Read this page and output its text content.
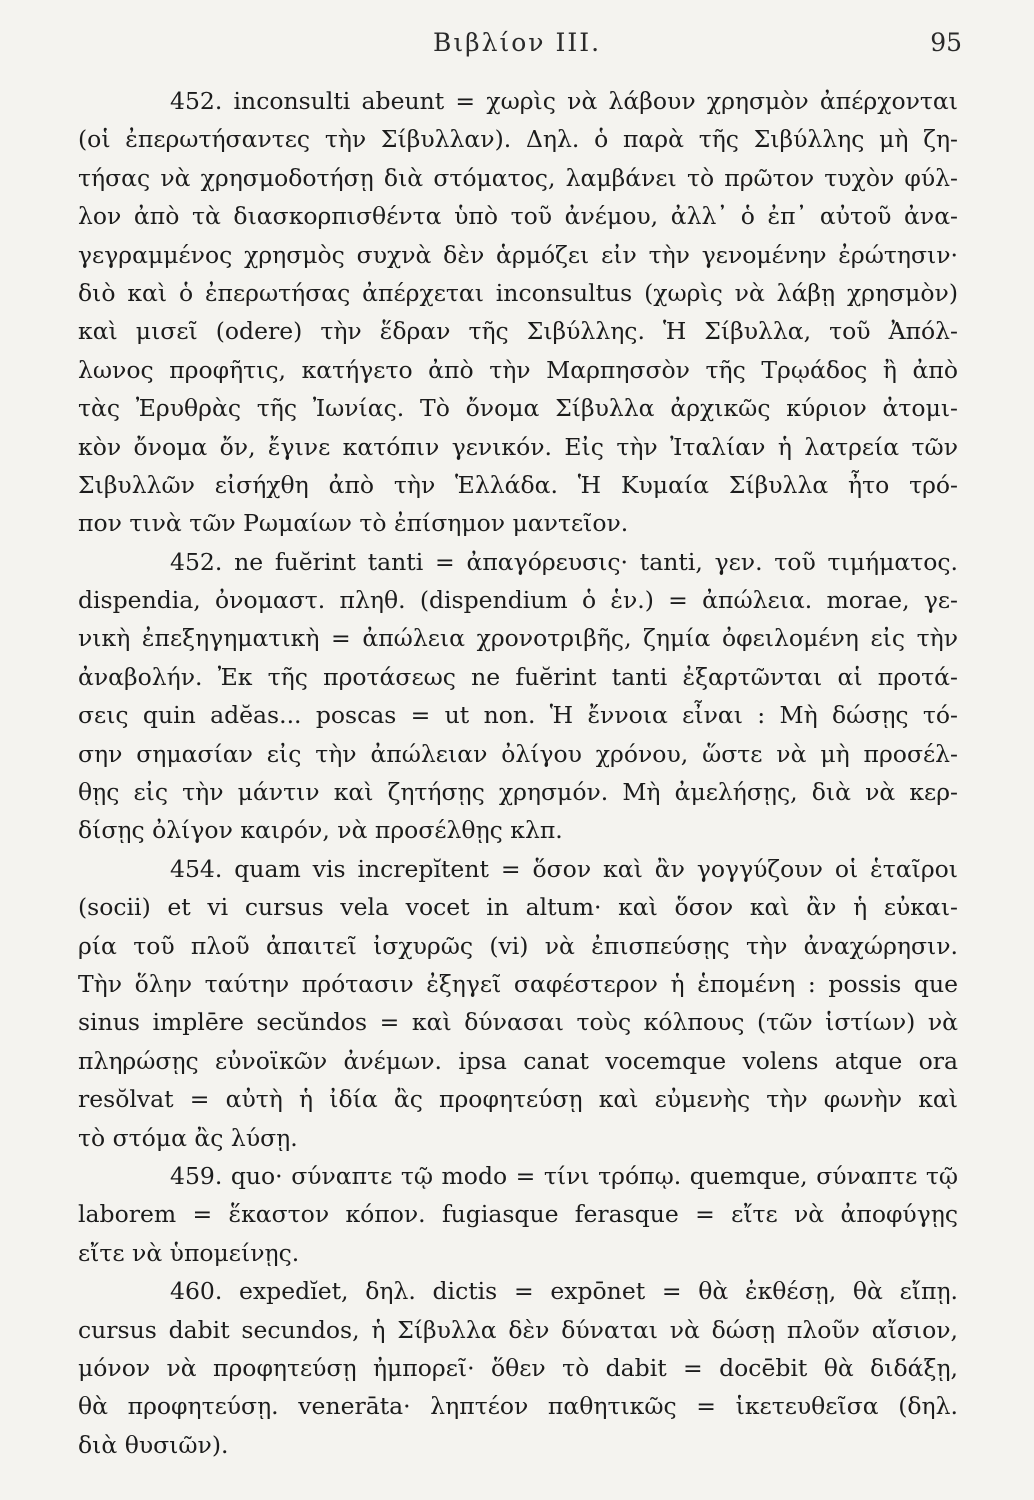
Βιβλίον III.	95
452. inconsulti abeunt = χωρὶς νὰ λάβουν χρησμὸν ἀπέρχονται
(οἱ ἐπερωτήσαντες τὴν Σίβυλλαν). Δηλ. ὁ παρὰ τῆς Σιβύλλης μὴ ζη-
τήσας νὰ χρησμοδοτήσῃ διὰ στόματος, λαμβάνει τὸ πρῶτον τυχὸν φύλ-
λον ἀπὸ τὰ διασκορπισθέντα ὑπὸ τοῦ ἀνέμου, ἀλλ᾽ ὁ ἐπ᾽ αὐτοῦ ἀνα-
γεγραμμένος χρησμὸς συχνὰ δὲν ἁρμόζει εἰν τὴν γενομένην ἐρώτησιν·
διὸ καὶ ὁ ἐπερωτήσας ἀπέρχεται inconsultus (χωρὶς νὰ λάβῃ χρησμὸν)
καὶ μισεῖ (odere) τὴν ἕδραν τῆς Σιβύλλης. Ἡ Σίβυλλα, τοῦ Ἀπόλ-
λωνος προφῆτις, κατήγετο ἀπὸ τὴν Μαρπησσὸν τῆς Τρῳάδος ἢ ἀπὸ
τὰς Ἐρυθρὰς τῆς Ἰωνίας. Τὸ ὄνομα Σίβυλλα ἀρχικῶς κύριον ἀτομι-
κὸν ὄνομα ὄν, ἔγινε κατόπιν γενικόν. Εἰς τὴν Ἰταλίαν ἡ λατρεία τῶν
Σιβυλλῶν εἰσήχθη ἀπὸ τὴν Ἑλλάδα. Ἡ Κυμαία Σίβυλλα ἦτο τρό-
πον τινὰ τῶν Ρωμαίων τὸ ἐπίσημον μαντεῖον.
452. ne fuĕrint tanti = ἀπαγόρευσις· tanti, γεν. τοῦ τιμήματος.
dispendia, ὀνομαστ. πληθ. (dispendium ὁ ἑν.) = ἀπώλεια. morae, γε-
νικὴ ἐπεξηγηματικὴ = ἀπώλεια χρονοτριβῆς, ζημία ὀφειλομένη εἰς τὴν
ἀναβολήν. Ἐκ τῆς προτάσεως ne fuĕrint tanti ἐξαρτῶνται αἱ προτά-
σεις quin adĕas... poscas = ut non. Ἡ ἔννοια εἶναι : Μὴ δώσῃς τό-
σην σημασίαν εἰς τὴν ἀπώλειαν ὀλίγου χρόνου, ὥστε νὰ μὴ προσέλ-
θῃς εἰς τὴν μάντιν καὶ ζητήσῃς χρησμόν. Μὴ ἀμελήσῃς, διὰ νὰ κερ-
δίσῃς ὀλίγον καιρόν, νὰ προσέλθῃς κλπ.
454. quam vis increpĭtent = ὅσον καὶ ἂν γογγύζουν οἱ ἑταῖροι
(socii) et vi cursus vela vocet in altum· καὶ ὅσον καὶ ἂν ἡ εὐκαι-
ρία τοῦ πλοῦ ἀπαιτεῖ ἰσχυρῶς (vi) νὰ ἐπισπεύσῃς τὴν ἀναχώρησιν.
Τὴν ὅλην ταύτην πρότασιν ἐξηγεῖ σαφέστερον ἡ ἑπομένη : possis que
sinus implēre secŭndos = καὶ δύνασαι τοὺς κόλπους (τῶν ἱστίων) νὰ
πληρώσῃς εὐνοϊκῶν ἀνέμων. ipsa canat vocemque volens atque ora
resŏlvat = αὐτὴ ἡ ἰδία ἂς προφητεύσῃ καὶ εὐμενὴς τὴν φωνὴν καὶ
τὸ στόμα ἂς λύσῃ.
459. quo· σύναπτε τῷ modo = τίνι τρόπῳ. quemque, σύναπτε τῷ
laborem = ἕκαστον κόπον. fugiasque ferasque = εἴτε νὰ ἀποφύγῃς
εἴτε νὰ ὑπομείνῃς.
460. expedĭet, δηλ. dictis = expōnet = θὰ ἐκθέσῃ, θὰ εἴπῃ.
cursus dabit secundos, ἡ Σίβυλλα δὲν δύναται νὰ δώσῃ πλοῦν αἴσιον,
μόνον νὰ προφητεύσῃ ἠμπορεῖ· ὅθεν τὸ dabit = docēbit θὰ διδάξῃ,
θὰ προφητεύσῃ. venerāta· ληπτέον παθητικῶς = ἱκετευθεῖσα (δηλ.
διὰ θυσιῶν).
